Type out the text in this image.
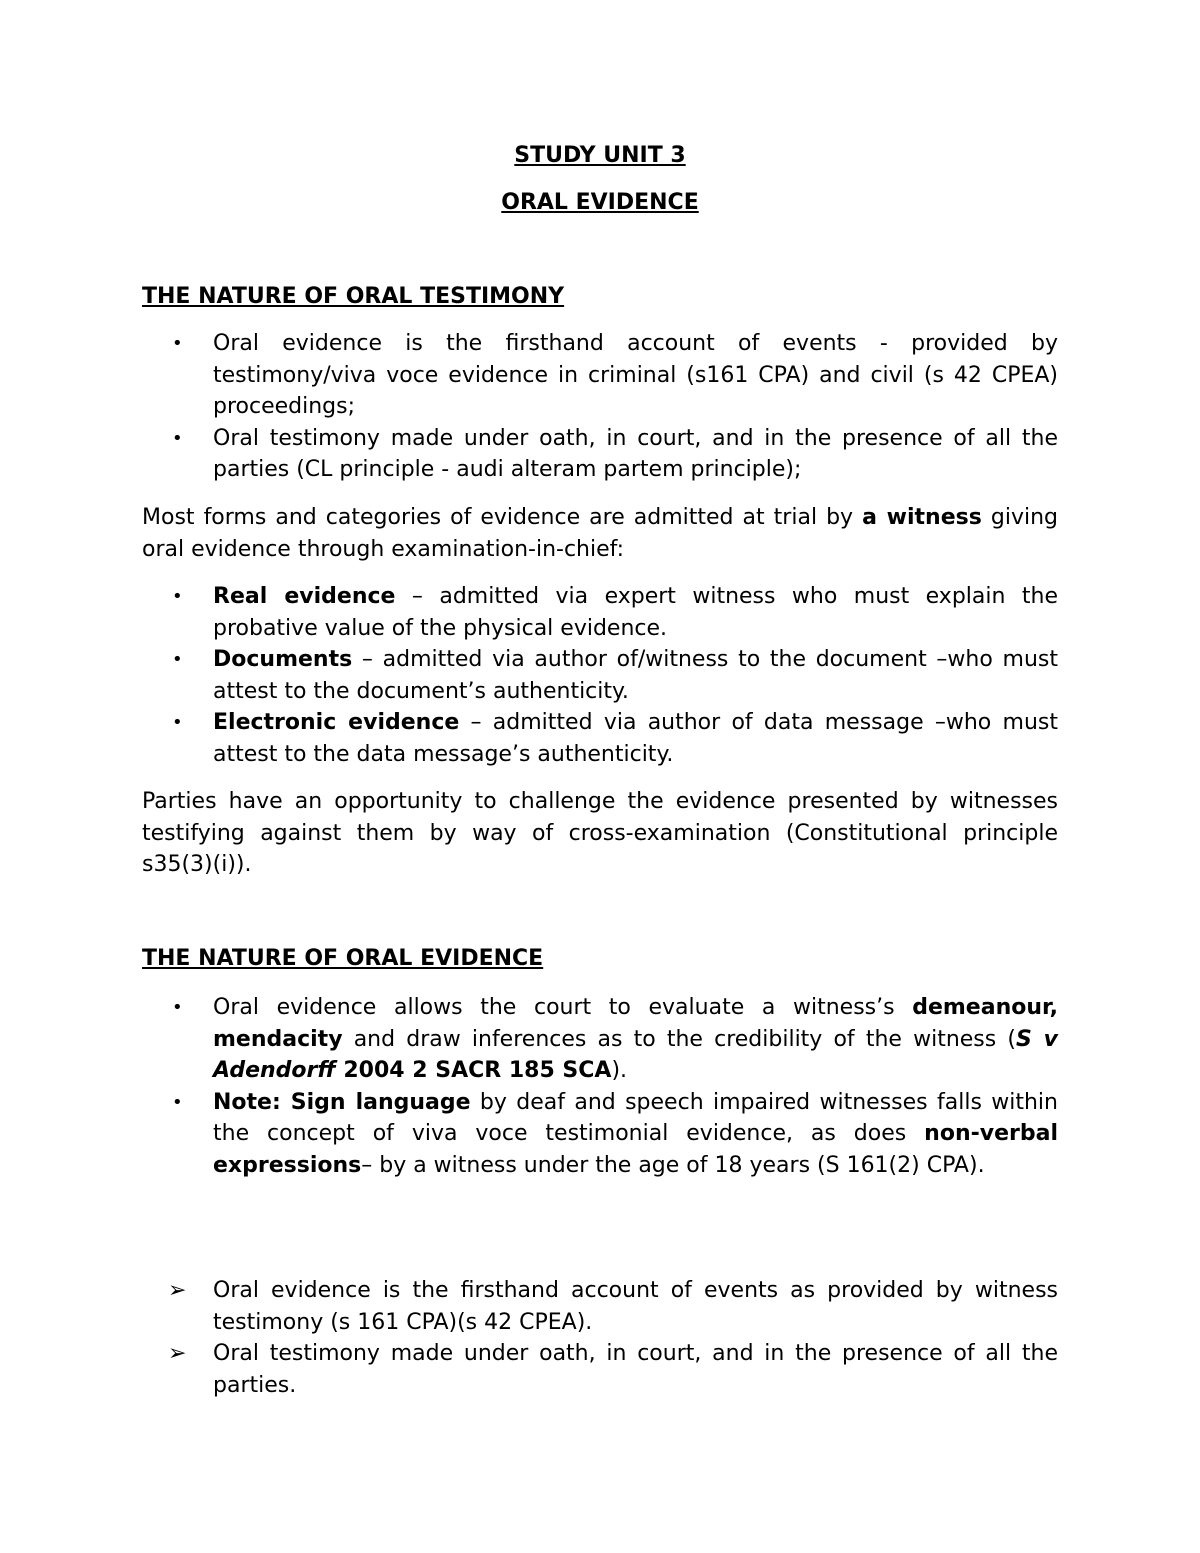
STUDY UNIT 3
ORAL EVIDENCE
THE NATURE OF ORAL TESTIMONY
• Oral evidence is the firsthand account of events - provided by testimony/viva voce evidence in criminal (s161 CPA) and civil (s 42 CPEA) proceedings;
• Oral testimony made under oath, in court, and in the presence of all the parties (CL principle - audi alteram partem principle);
Most forms and categories of evidence are admitted at trial by a witness giving oral evidence through examination-in-chief:
• Real evidence – admitted via expert witness who must explain the probative value of the physical evidence.
• Documents – admitted via author of/witness to the document –who must attest to the document’s authenticity.
• Electronic evidence – admitted via author of data message –who must attest to the data message’s authenticity.
Parties have an opportunity to challenge the evidence presented by witnesses testifying against them by way of cross-examination (Constitutional principle s35(3)(i)).
THE NATURE OF ORAL EVIDENCE
• Oral evidence allows the court to evaluate a witness’s demeanour, mendacity and draw inferences as to the credibility of the witness (S v Adendorff 2004 2 SACR 185 SCA).
• Note: Sign language by deaf and speech impaired witnesses falls within the concept of viva voce testimonial evidence, as does non-verbal expressions– by a witness under the age of 18 years (S 161(2) CPA).
➢ Oral evidence is the firsthand account of events as provided by witness testimony (s 161 CPA)(s 42 CPEA).
➢ Oral testimony made under oath, in court, and in the presence of all the parties.
